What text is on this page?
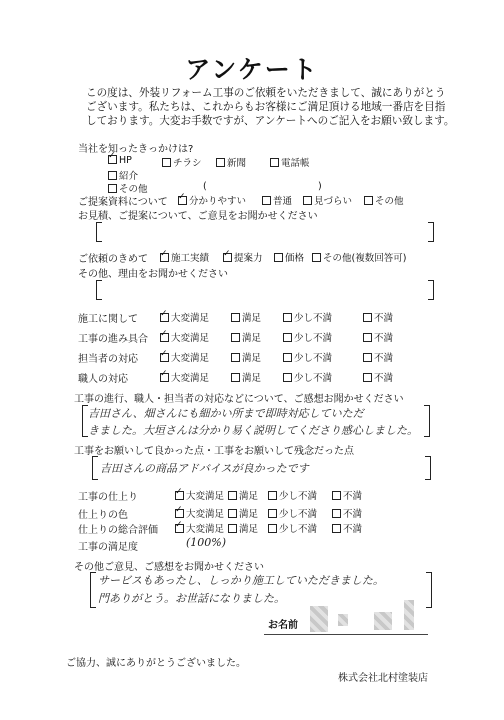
アンケート
この度は、外装リフォーム工事のご依頼をいただきまして、誠にありがとう
ございます。私たちは、これからもお客様にご満足頂ける地域一番店を目指
しております。大変お手数ですが、アンケートへのご記入をお願い致します。
当社を知ったきっかけは?
✓HP	チラシ	新聞	電話帳
紹介
その他	(	)
ご提案資料について ✓	分かりやすい	普通	見づらい	その他
お見積、ご提案について、ご意見をお聞かせください
ご依頼のきめて ✓	施工実績 ✓	提案力	価格	その他(複数回答可)
その他、理由をお聞かせください
施工に関して ✓	大変満足	満足	少し不満	不満
工事の進み具合 ✓	大変満足	満足	少し不満	不満
担当者の対応 ✓	大変満足	満足	少し不満	不満
職人の対応 ✓	大変満足	満足	少し不満	不満
工事の進行、職人・担当者の対応などについて、ご感想お聞かせください
吉田さん、畑さんにも細かい所まで即時対応していただ
きました。大垣さんは分かり易く説明してくださり感心しました。
工事をお願いして良かった点・工事をお願いして残念だった点
吉田さんの商品アドバイスが良かったです
工事の仕上り ✓	大変満足	満足	少し不満	不満
仕上りの色 ✓	大変満足	満足	少し不満	不満
仕上りの総合評価 ✓	大変満足	満足	少し不満	不満
工事の満足度	(100%)
その他ご意見、ご感想をお聞かせください
サービスもあったし、しっかり施工していただきました。
門ありがとう。お世話になりました。
お名前
ご協力、誠にありがとうございました。
株式会社北村塗装店
